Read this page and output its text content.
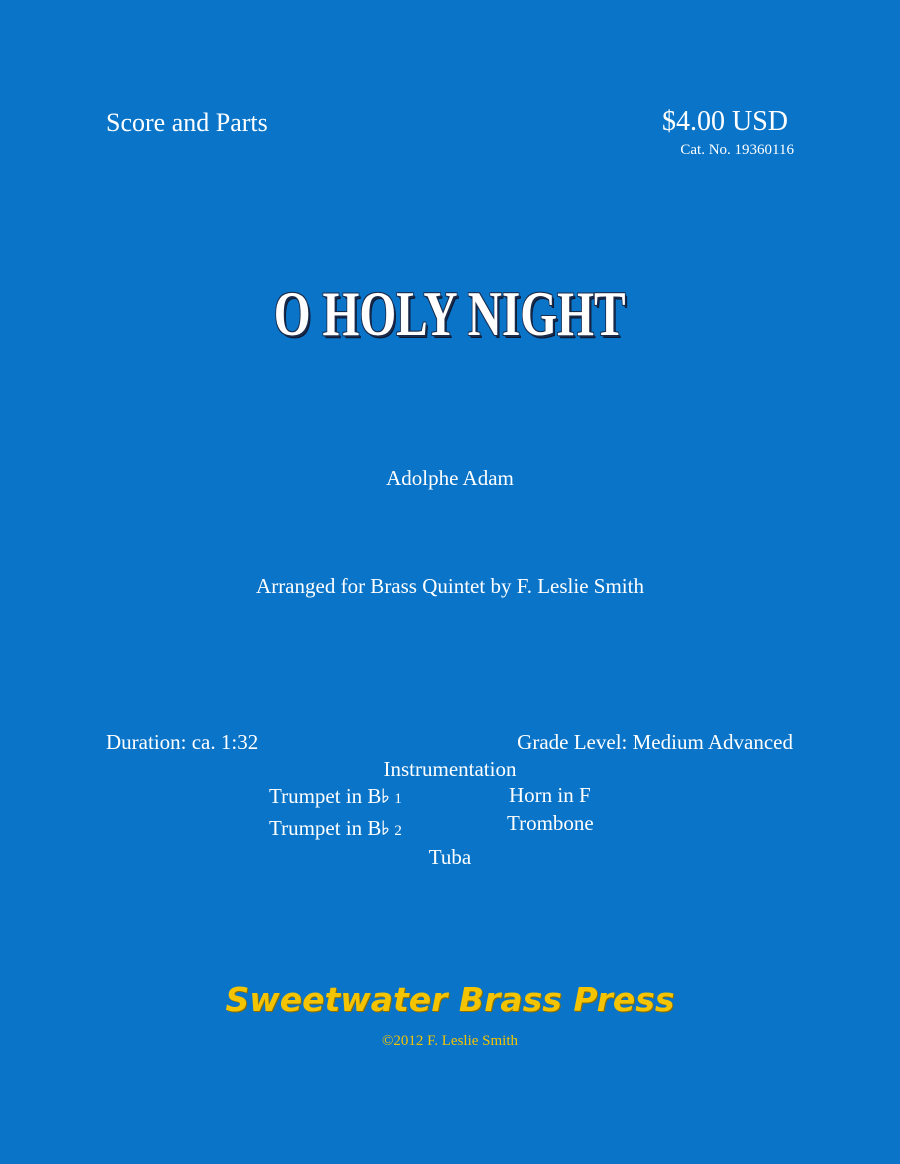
Score and Parts	$4.00 USD

Cat. No. 19360116

O HOLY NIGHT

Adolphe Adam

Arranged for Brass Quintet by F. Leslie Smith

Duration: ca. 1:32	Grade Level: Medium Advanced

Instrumentation

Trumpet in B 1

Trumpet in B 2

Horn in F

Trombone

Tuba

Sweetwater Brass Press

©2012 F. Leslie Smith
